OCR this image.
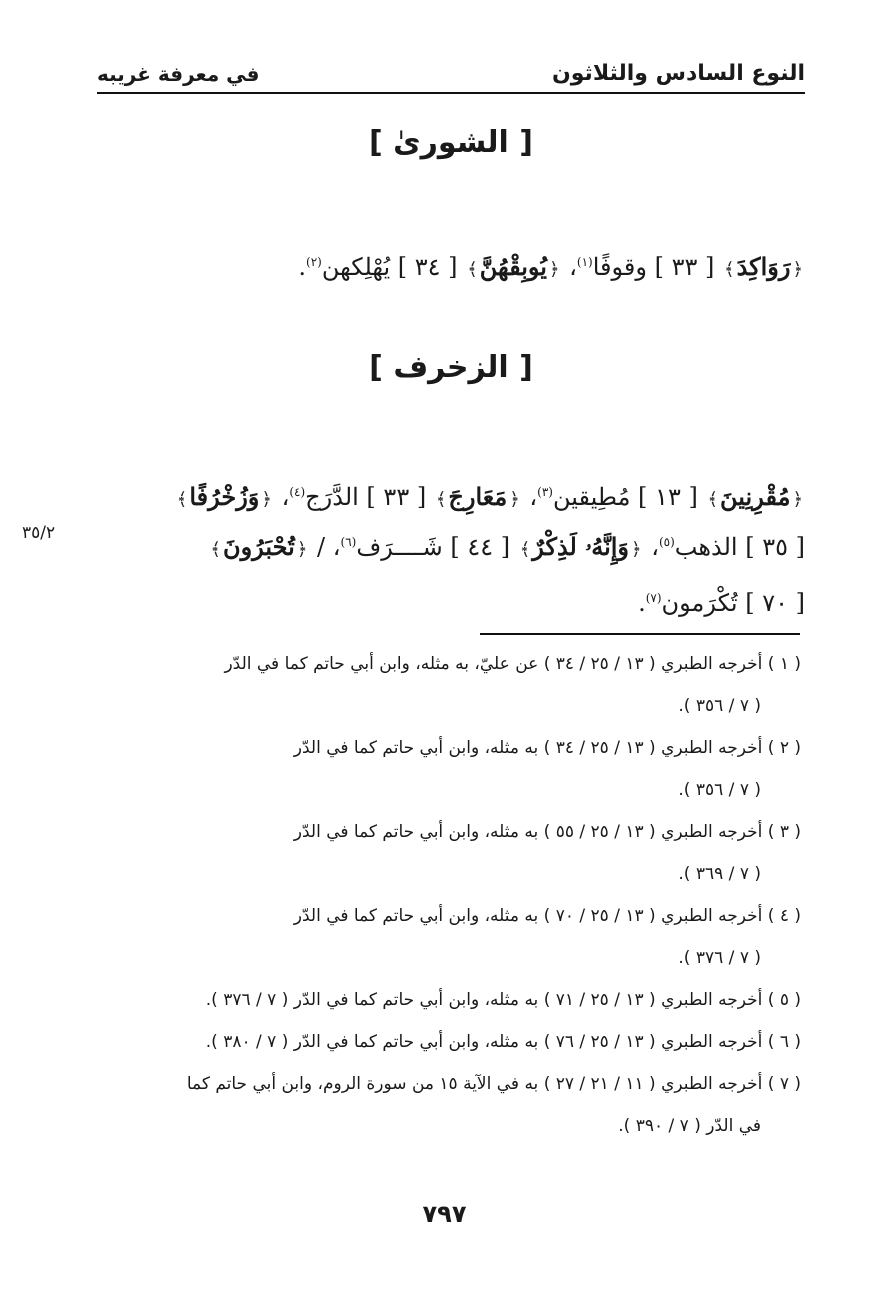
النوع السادس والثلاثون
في معرفة غريبه
[ الشورىٰ ]
﴿رَوَاكِدَ﴾ [ ٣٣ ] وقوفًا$^{(١)}$، ﴿يُوبِقْهُنَّ﴾ [ ٣٤ ] يُهْلِكهن$^{(٢)}$.
[ الزخرف ]
﴿مُقْرِنِينَ﴾ [ ١٣ ] مُطِيقين$^{(٣)}$، ﴿مَعَارِجَ﴾ [ ٣٣ ] الدَّرَج$^{(٤)}$، ﴿وَزُخْرُفًا﴾
[ ٣٥ ] الذهب$^{(٥)}$، ﴿وَإِنَّهُۥ لَذِكْرٌ﴾ [ ٤٤ ] شَــــرَف$^{(٦)}$، / ﴿تُحْبَرُونَ﴾
٣٥/٢
[ ٧٠ ] تُكْرَمون$^{(٧)}$.

( ١ ) أخرجه الطبري ( ١٣ / ٢٥ / ٣٤ ) عن عليّ، به مثله، وابن أبي حاتم كما في الدّر
( ٧ / ٣٥٦ ).

( ٢ ) أخرجه الطبري ( ١٣ / ٢٥ / ٣٤ ) به مثله، وابن أبي حاتم كما في الدّر
( ٧ / ٣٥٦ ).

( ٣ ) أخرجه الطبري ( ١٣ / ٢٥ / ٥٥ ) به مثله، وابن أبي حاتم كما في الدّر
( ٧ / ٣٦٩ ).

( ٤ ) أخرجه الطبري ( ١٣ / ٢٥ / ٧٠ ) به مثله، وابن أبي حاتم كما في الدّر
( ٧ / ٣٧٦ ).

( ٥ ) أخرجه الطبري ( ١٣ / ٢٥ / ٧١ ) به مثله، وابن أبي حاتم كما في الدّر ( ٧ / ٣٧٦ ).

( ٦ ) أخرجه الطبري ( ١٣ / ٢٥ / ٧٦ ) به مثله، وابن أبي حاتم كما في الدّر ( ٧ / ٣٨٠ ).

( ٧ ) أخرجه الطبري ( ١١ / ٢١ / ٢٧ ) به في الآية ١٥ من سورة الروم، وابن أبي حاتم كما
في الدّر ( ٧ / ٣٩٠ ).

٧٩٧
